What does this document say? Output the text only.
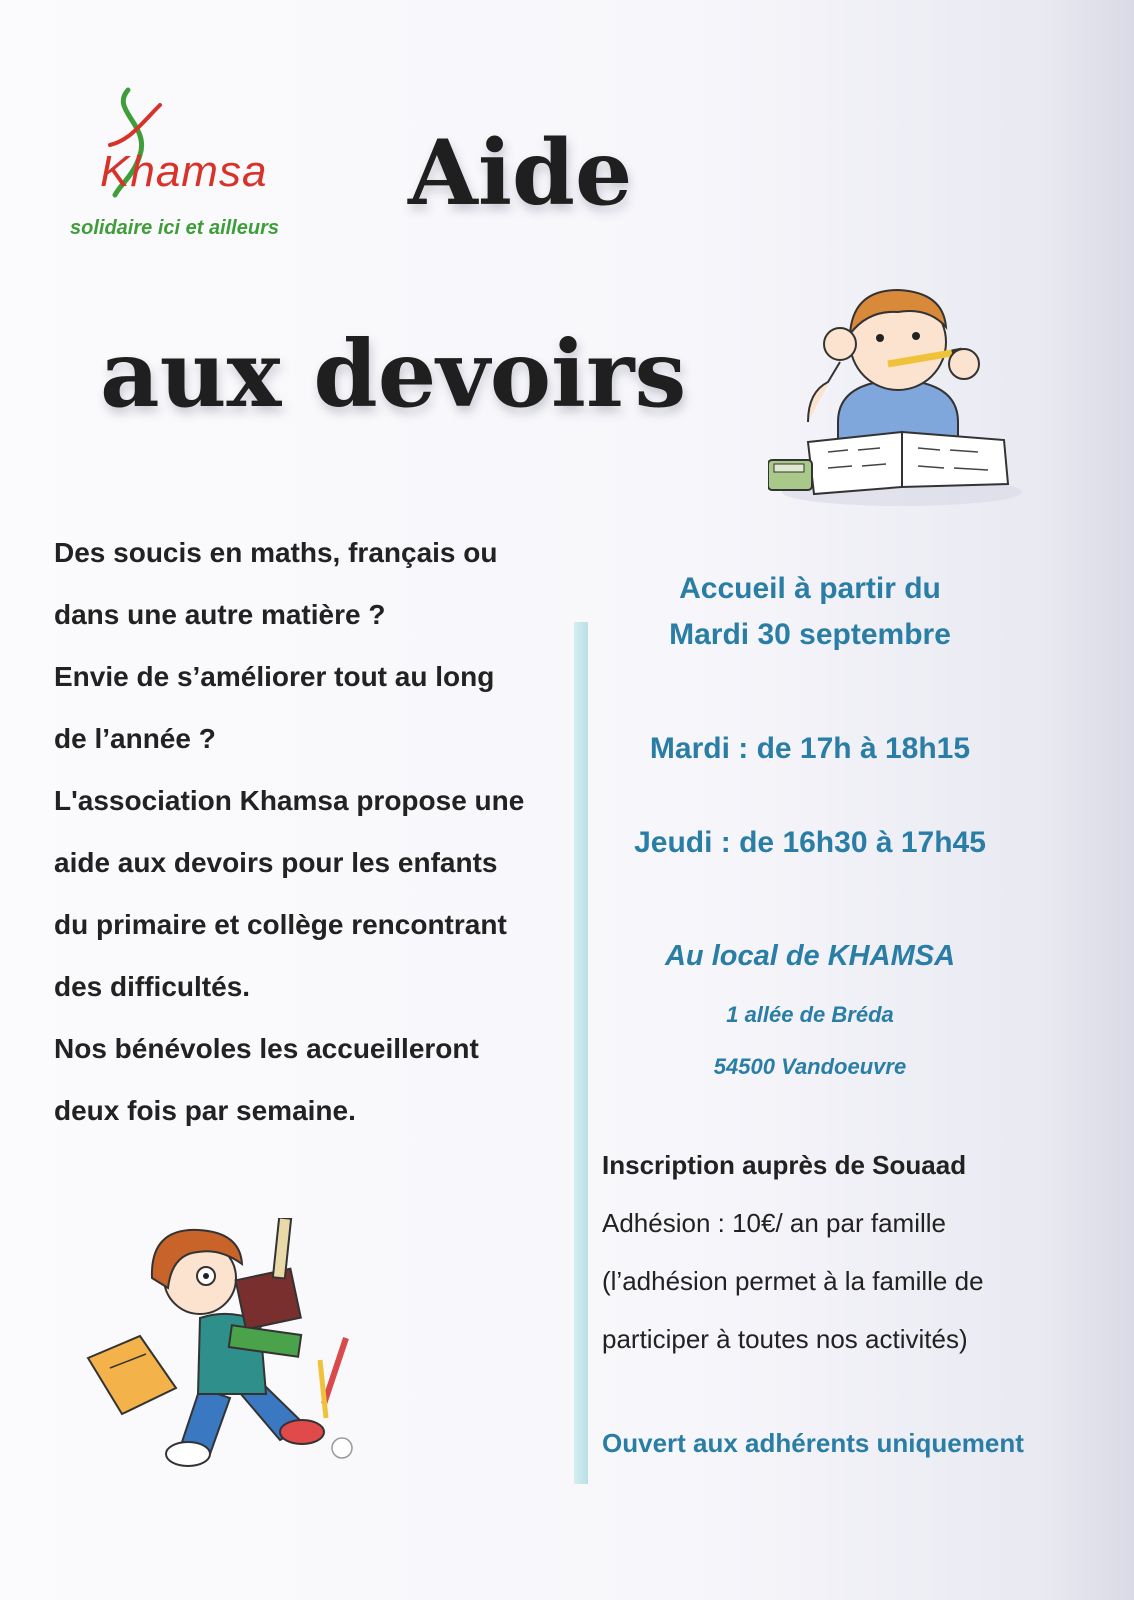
Khamsa
solidaire ici et ailleurs
Aide
aux devoirs

Des soucis en maths, français ou

dans une autre matière ?

Envie de s’améliorer tout au long

de l’année ?

L'association Khamsa propose une

aide aux devoirs pour les enfants

du primaire et collège rencontrant

des difficultés.

Nos bénévoles les accueilleront

deux fois par semaine.

Accueil à partir du
Mardi 30 septembre
Mardi : de 17h à 18h15
Jeudi : de 16h30 à 17h45
Au local de KHAMSA
1 allée de Bréda
54500 Vandoeuvre
Inscription auprès de Souaad
Adhésion : 10€/ an par famille
(l’adhésion permet à la famille de
participer à toutes nos activités)
Ouvert aux adhérents uniquement
